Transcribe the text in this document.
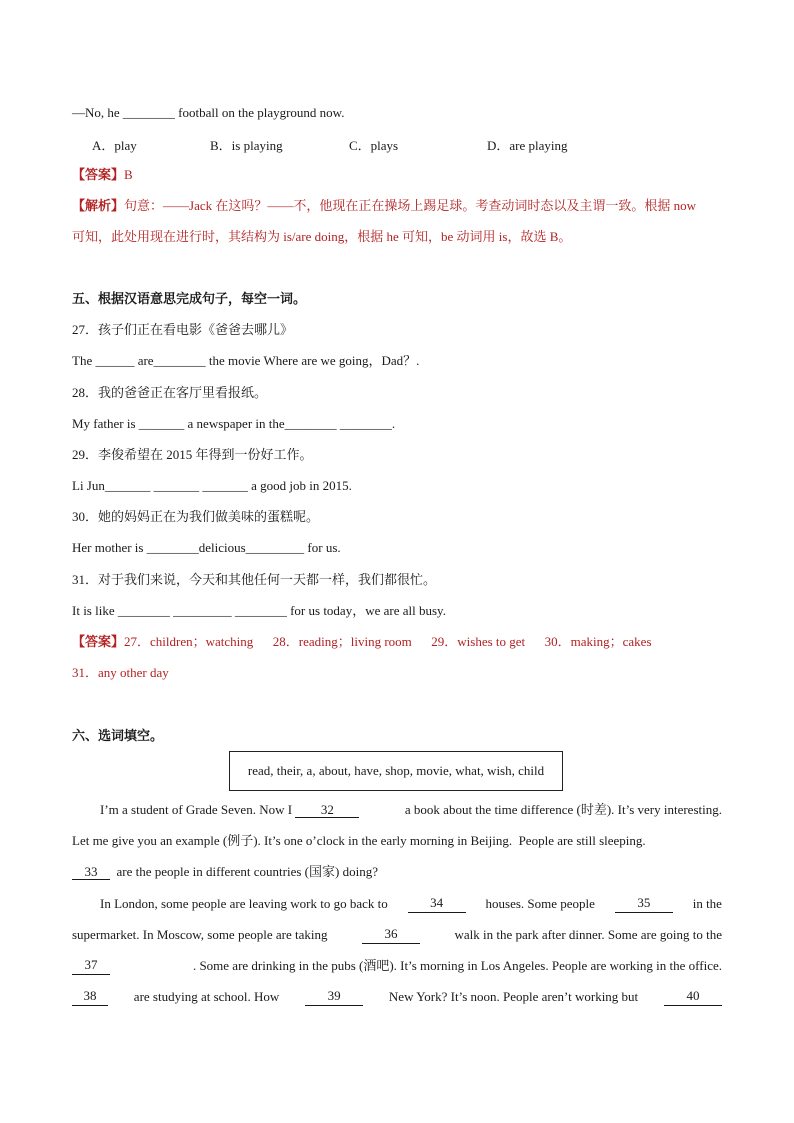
—No, he ________ football on the playground now.
A．play	B．is playing	C．plays	D．are playing
【答案】B
【解析】句意：——Jack 在这吗？——不，他现在正在操场上踢足球。考查动词时态以及主谓一致。根据 now
可知，此处用现在进行时，其结构为 is/are doing，根据 he 可知，be 动词用 is，故选 B。
五、根据汉语意思完成句子，每空一词。
27．孩子们正在看电影《爸爸去哪儿》
The ______ are________ the movie Where are we going，Dad？.
28．我的爸爸正在客厅里看报纸。
My father is _______ a newspaper in the________ ________.
29．李俊希望在 2015 年得到一份好工作。
Li Jun_______ _______ _______ a good job in 2015.
30．她的妈妈正在为我们做美味的蛋糕呢。
Her mother is ________delicious_________ for us.
31．对于我们来说，今天和其他任何一天都一样，我们都很忙。
It is like ________ _________ ________ for us today，we are all busy.
【答案】27．children；watching      28．reading；living room      29．wishes to get      30．making；cakes
31．any other day
六、选词填空。
read, their, a, about, have, shop, movie, what, wish, child
I’m a student of Grade Seven. Now I 32	a book about the time difference (时差). It’s very interesting.
Let me give you an example (例子). It’s one o’clock in the early morning in Beijing.  People are still sleeping.
33 are the people in different countries (国家) doing?
In London, some people are leaving work to go back to	34	houses. Some people	35	in the
supermarket. In Moscow, some people are taking	36	walk in the park after dinner. Some are going to the
37	. Some are drinking in the pubs (酒吧). It’s morning in Los Angeles. People are working in the office.
38	are studying at school. How	39	New York? It’s noon. People aren’t working but	40
